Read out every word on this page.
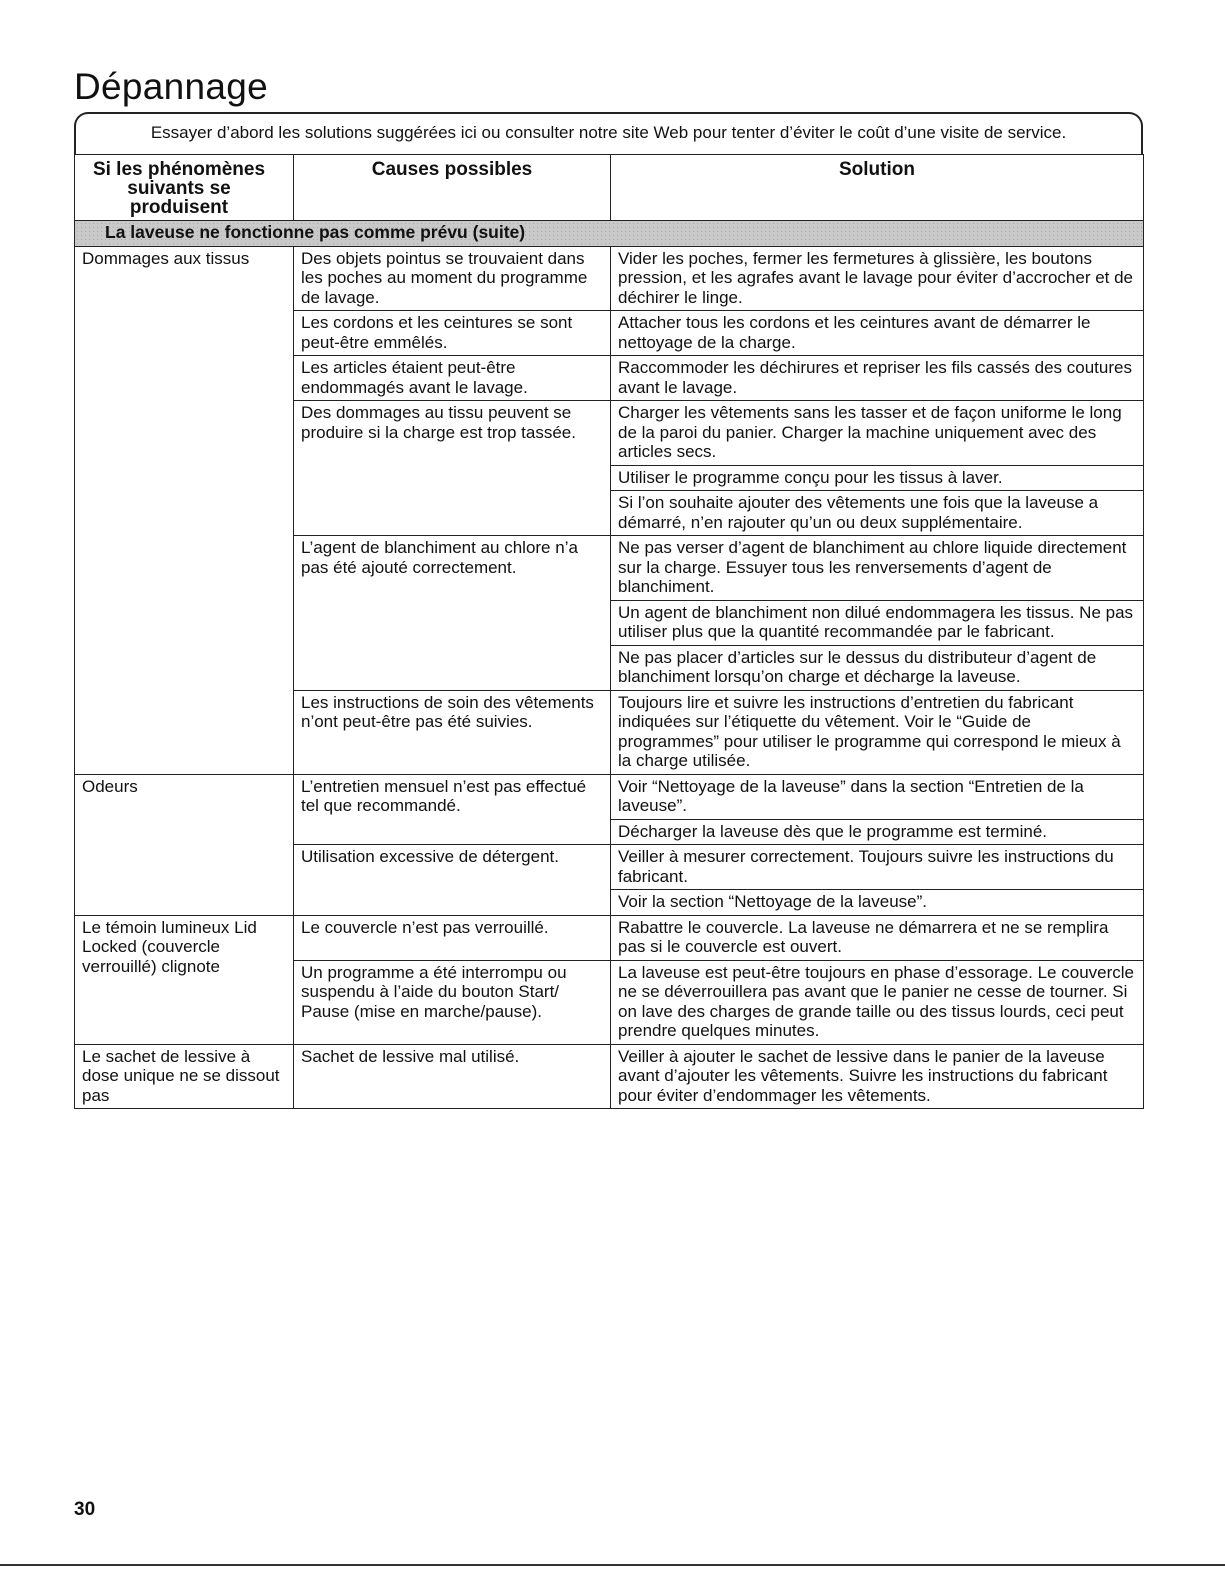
Dépannage
Essayer d’abord les solutions suggérées ici ou consulter notre site Web pour tenter d’éviter le coût d’une visite de service.
Si les phénomènes suivants se produisent	Causes possibles	Solution
La laveuse ne fonctionne pas comme prévu (suite)		
Dommages aux tissus	Des objets pointus se trouvaient dans les poches au moment du programme de lavage.	Vider les poches, fermer les fermetures à glissière, les boutons pression, et les agrafes avant le lavage pour éviter d’accrocher et de déchirer le linge.
	Les cordons et les ceintures se sont peut-être emmêlés.	Attacher tous les cordons et les ceintures avant de démarrer le nettoyage de la charge.
	Les articles étaient peut-être endommagés avant le lavage.	Raccommoder les déchirures et repriser les fils cassés des coutures avant le lavage.
	Des dommages au tissu peuvent se produire si la charge est trop tassée.	Charger les vêtements sans les tasser et de façon uniforme le long de la paroi du panier. Charger la machine uniquement avec des articles secs.
		Utiliser le programme conçu pour les tissus à laver.
		Si l’on souhaite ajouter des vêtements une fois que la laveuse a démarré, n’en rajouter qu’un ou deux supplémentaire.
	L’agent de blanchiment au chlore n’a pas été ajouté correctement.	Ne pas verser d’agent de blanchiment au chlore liquide directement sur la charge. Essuyer tous les renversements d’agent de blanchiment.
		Un agent de blanchiment non dilué endommagera les tissus. Ne pas utiliser plus que la quantité recommandée par le fabricant.
		Ne pas placer d’articles sur le dessus du distributeur d’agent de blanchiment lorsqu’on charge et décharge la laveuse.
	Les instructions de soin des vêtements n’ont peut-être pas été suivies.	Toujours lire et suivre les instructions d’entretien du fabricant indiquées sur l’étiquette du vêtement. Voir le “Guide de programmes” pour utiliser le programme qui correspond le mieux à la charge utilisée.
Odeurs	L’entretien mensuel n’est pas effectué tel que recommandé.	Voir “Nettoyage de la laveuse” dans la section “Entretien de la laveuse”.
		Décharger la laveuse dès que le programme est terminé.
	Utilisation excessive de détergent.	Veiller à mesurer correctement. Toujours suivre les instructions du fabricant.
		Voir la section “Nettoyage de la laveuse”.
Le témoin lumineux Lid Locked (couvercle verrouillé) clignote	Le couvercle n’est pas verrouillé.	Rabattre le couvercle. La laveuse ne démarrera et ne se remplira pas si le couvercle est ouvert.
	Un programme a été interrompu ou suspendu à l’aide du bouton Start/ Pause (mise en marche/pause).	La laveuse est peut-être toujours en phase d’essorage. Le couvercle ne se déverrouillera pas avant que le panier ne cesse de tourner. Si on lave des charges de grande taille ou des tissus lourds, ceci peut prendre quelques minutes.
Le sachet de lessive à dose unique ne se dissout pas	Sachet de lessive mal utilisé.	Veiller à ajouter le sachet de lessive dans le panier de la laveuse avant d’ajouter les vêtements. Suivre les instructions du fabricant pour éviter d’endommager les vêtements.
30
